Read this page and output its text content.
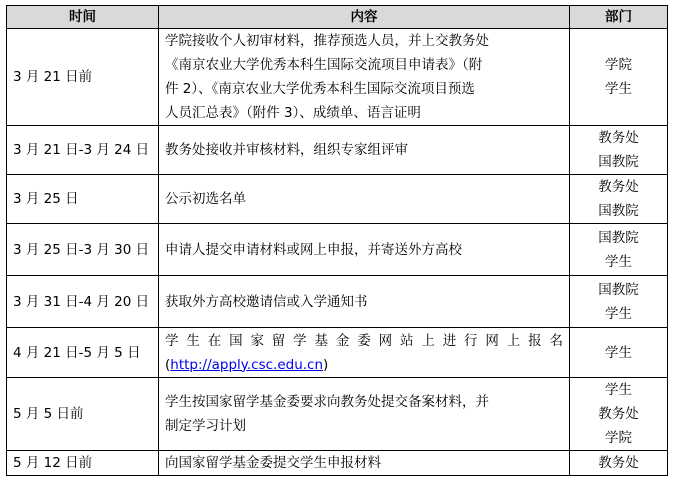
时间	内容	部门
3 月 21 日前	学院接收个人初审材料，推荐预选人员，并上交教务处
《南京农业大学优秀本科生国际交流项目申请表》（附
件 2）、《南京农业大学优秀本科生国际交流项目预选
人员汇总表》（附件 3）、成绩单、语言证明	学院
学生

3 月 21 日-3 月 24 日	教务处接收并审核材料，组织专家组评审	教务处
国教院

3 月 25 日	公示初选名单	教务处
国教院

3 月 25 日-3 月 30 日	申请人提交申请材料或网上申报，并寄送外方高校	国教院
学生

3 月 31 日-4 月 20 日	获取外方高校邀请信或入学通知书	国教院
学生

4 月 21 日-5 月 5 日	学生在国家留学基金委网站上进行网上报名
(http://apply.csc.edu.cn)	学生

5 月 5 日前	学生按国家留学基金委要求向教务处提交备案材料，并
制定学习计划	学生
教务处
学院

5 月 12 日前	向国家留学基金委提交学生申报材料	教务处
